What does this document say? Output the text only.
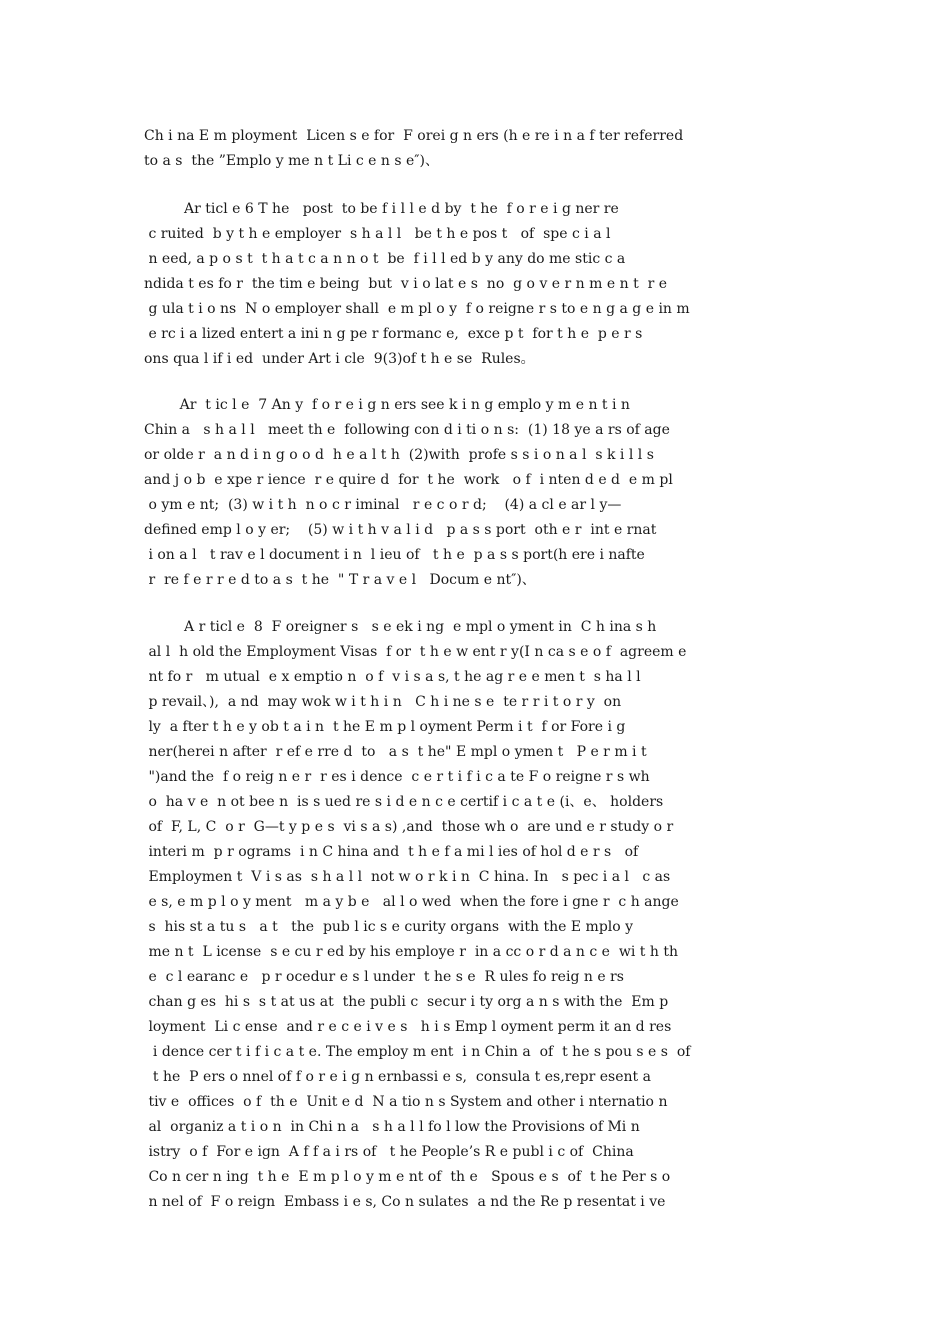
Ch i na E m ployment  Licen s e for  F orei g n ers (h e re i n a f ter referred
to a s  the ”Emplo y me n t Li c e n s e″)、
Ar ticl e 6 T he   post  to be f i l l e d by  t he  f o r e i g ner re
c ruited  b y t h e employer  s h a l l   be t h e pos t   of  spe c i a l
n eed, a p o s t  t h a t c a n n o t  be  f i l l ed b y any do me stic c a
ndida t es fo r  the tim e being  but  v i o lat e s  no  g o v e r n m e n t  r e
g ula t i o ns  N o employer shall  e m pl o y  f o reigne r s to e n g a g e in m
e rc i a lized entert a ini n g pe r formanc e,  exce p t  for t h e  p e r s
ons qua l if i ed  under Art i cle  9(3)of t h e se  Rules。
Ar  t ic l e  7 An y  f o r e i g n ers see k i n g emplo y m e n t i n
Chin a   s h a l l   meet th e  following con d i ti o n s:  (1) 18 ye a rs of age
or olde r  a n d i n g o o d  h e a l t h  (2)with  profe s s i o n a l  s k i l l s
and j o b  e xpe r ience  r e quire d  for  t he  work   o f  i nten d e d  e m pl
o ym e nt;  (3) w i t h  n o c r iminal   r e c o r d;    (4) a cl e ar l y—
defined emp l o y er;    (5) w i t h v a l i d   p a s s port  oth e r  int e rnat
i on a l   t rav e l document i n  l ieu of   t h e  p a s s port(h ere i nafte
r  re f e r r e d to a s  t he  " T r a v e l   Docum e nt″)、
A r ticl e  8  F oreigner s   s e ek i ng  e mpl o yment in  C h ina s h
al l  h old the Employment Visas  f or  t h e w ent r y(I n ca s e o f  agreem e
nt fo r   m utual  e x emptio n  o f  v i s a s, t he ag r e e men t  s ha l l
p revail、),  a nd  may wok w i t h i n   C h i ne s e  te r r i t o r y  on
ly  a fter t h e y ob t a i n  t he E m p l oyment Perm i t  f or Fore i g
ner(herei n after  r ef e rre d  to   a s  t he" E mpl o ymen t   P e r m i t
")and the  f o reig n e r  r es i dence  c e r t i f i c a te F o reigne r s wh
o  ha v e  n ot bee n  is s ued re s i d e n c e certif i c a t e (i、e、 holders
of  F, L, C  o r  G—t y p e s  vi s a s) ,and  those wh o  are und e r study o r
interi m  p r ograms  i n C hina and  t h e f a mi l ies of hol d e r s   of
Employmen t  V i s as  s h a l l  not w o r k i n  C hina. In   s pec i a l   c as
e s, e m p l o y ment   m a y b e   al l o wed  when the fore i gne r  c h ange
s  his st a tu s   a t   the  pub l ic s e curity organs  with the E mplo y
me n t  L icense  s e cu r ed by his employe r  in a cc o r d a n c e  wi t h th
e  c l earanc e   p r ocedur e s l under  t he s e  R ules fo reig n e rs
chan g es  hi s  s t at us at  the publi c  secur i ty org a n s with the  Em p
loyment  Li c ense  and r e c e i v e s   h i s Emp l oyment perm it an d res
i dence cer t i f i c a t e. The employ m ent  i n Chin a  of  t he s pou s e s  of
t he  P ers o nnel of f o r e i g n ernbassi e s,  consula t es,repr esent a
tiv e  offices  o f  th e  Unit e d  N a tio n s System and other i nternatio n
al  organiz a t i o n  in Chi n a   s h a l l fo l low the Provisions of Mi n
istry  o f  For e ign  A f f a i rs of   t he People’s R e publ i c of  China
Co n cer n ing  t h e  E m p l o y m e nt of  th e   Spous e s  of  t he Per s o
n nel of  F o reign  Embass i e s, Co n sulates  a nd the Re p resentat i ve
